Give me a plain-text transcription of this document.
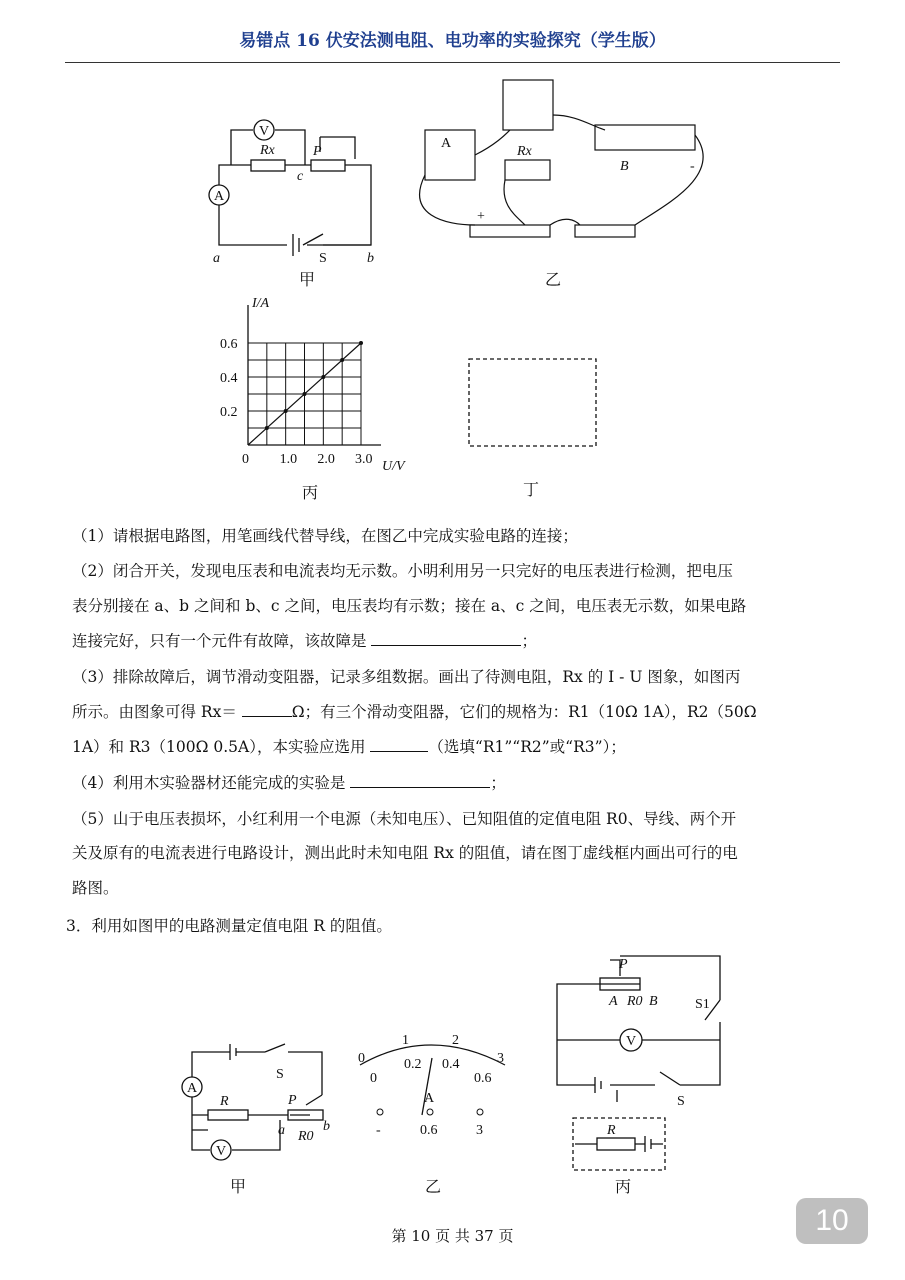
易错点 16 伏安法测电阻、电功率的实验探究（学生版）
V
A
Rx	P
c
a	S	b
甲
A
Rx
B	-
+
乙
I/A
U/V
丙
0 1.0 2.0 3.0
0.2
0.4
0.6
丁
（1）请根据电路图，用笔画线代替导线，在图乙中完成实验电路的连接；
（2）闭合开关，发现电压表和电流表均无示数。小明利用另一只完好的电压表进行检测，把电压
表分别接在 a、b 之间和 b、c 之间，电压表均有示数；接在 a、c 之间，电压表无示数，如果电路
连接完好，只有一个元件有故障，该故障是	；
（3）排除故障后，调节滑动变阻器，记录多组数据。画出了待测电阻，Rx 的 I - U 图象，如图丙
所示。由图象可得 Rx＝	Ω；有三个滑动变阻器，它们的规格为：R1（10Ω 1A），R2（50Ω
1A）和 R3（100Ω 0.5A），本实验应选用	（选填“R1”“R2”或“R3”）；
（4）利用木实验器材还能完成的实验是	；
（5）山于电压表损坏，小红利用一个电源（未知电压）、已知阻值的定值电阻 R0、导线、两个开
关及原有的电流表进行电路设计，测出此时未知电阻 Rx 的阻值，请在图丁虚线框内画出可行的电
路图。
3．利用如图甲的电路测量定值电阻 R 的阻值。
A
S
R	P
a	b
V
R0
甲
0
1	2
3
0
0.2 0.4
0.6
A
-	0.6	3
乙
P
A R0 B	S1
V
S
R
丙
第 10 页 共 37 页	10
